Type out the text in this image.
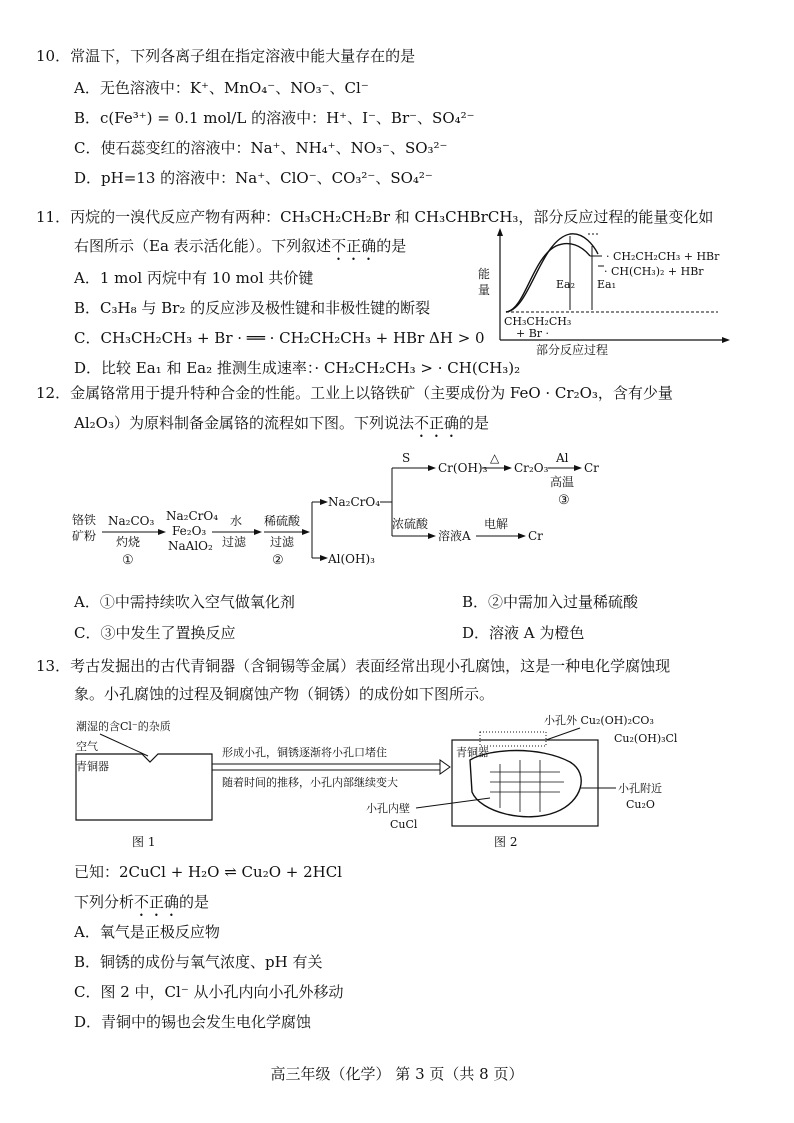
10．常温下，下列各离子组在指定溶液中能大量存在的是
A．无色溶液中：K⁺、MnO₄⁻、NO₃⁻、Cl⁻
B．c(Fe³⁺) = 0.1 mol/L 的溶液中：H⁺、I⁻、Br⁻、SO₄²⁻
C．使石蕊变红的溶液中：Na⁺、NH₄⁺、NO₃⁻、SO₃²⁻
D．pH=13 的溶液中：Na⁺、ClO⁻、CO₃²⁻、SO₄²⁻
11．丙烷的一溴代反应产物有两种：CH₃CH₂CH₂Br 和 CH₃CHBrCH₃，部分反应过程的能量变化如
右图所示（Ea 表示活化能）。下列叙述不正确的是
A．1 mol 丙烷中有 10 mol 共价键
B．C₃H₈ 与 Br₂ 的反应涉及极性键和非极性键的断裂
C．CH₃CH₂CH₃ + Br · ══ · CH₂CH₂CH₃ + HBr ΔH > 0
D．比较 Ea₁ 和 Ea₂ 推测生成速率：· CH₂CH₂CH₃ > · CH(CH₃)₂
能
量
· CH₂CH₂CH₃ + HBr
· CH(CH₃)₂ + HBr
Ea₂ Ea₁
CH₃CH₂CH₃
+ Br ·
部分反应过程
12．金属铬常用于提升特种合金的性能。工业上以铬铁矿（主要成份为 FeO · Cr₂O₃，含有少量
Al₂O₃）为原料制备金属铬的流程如下图。下列说法不正确的是
铬铁
矿粉
Na₂CO₃
灼烧
①
Na₂CrO₄
Fe₂O₃
NaAlO₂
水
过滤
稀硫酸
过滤
②
Na₂CrO₄
Al(OH)₃
S
Cr(OH)₃
△
Cr₂O₃
Al
高温
③
Cr
浓硫酸
溶液A
电解
Cr
A．①中需持续吹入空气做氧化剂	B．②中需加入过量稀硫酸
C．③中发生了置换反应	D．溶液 A 为橙色
13．考古发掘出的古代青铜器（含铜锡等金属）表面经常出现小孔腐蚀，这是一种电化学腐蚀现
象。小孔腐蚀的过程及铜腐蚀产物（铜锈）的成份如下图所示。
潮湿的含Cl⁻的杂质
空气
青铜器
图 1
形成小孔，铜锈逐渐将小孔口堵住
随着时间的推移，小孔内部继续变大
青铜器
小孔外 Cu₂(OH)₂CO₃
Cu₂(OH)₃Cl
小孔附近
Cu₂O
小孔内壁
CuCl
图 2
已知：2CuCl + H₂O ⇌ Cu₂O + 2HCl
下列分析不正确的是
A．氧气是正极反应物
B．铜锈的成份与氧气浓度、pH 有关
C．图 2 中，Cl⁻ 从小孔内向小孔外移动
D．青铜中的锡也会发生电化学腐蚀
高三年级（化学） 第 3 页（共 8 页）
